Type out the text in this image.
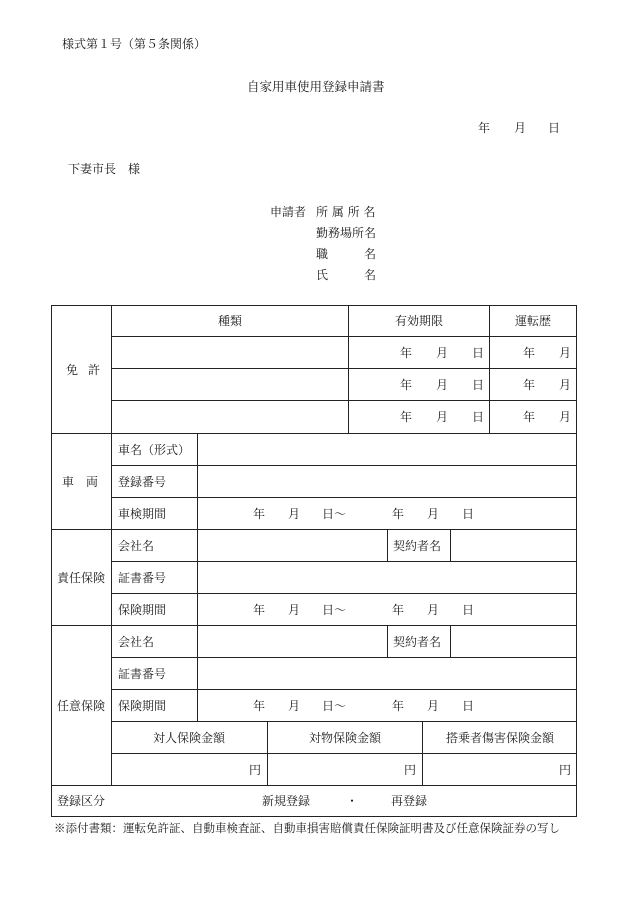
様式第１号（第５条関係）
自家用車使用登録申請書
年 月 日
下妻市長　様
申請者 所 属 所 名
勤務場所名
職	名
氏	名
免 許
種類	有効期限	運転歴
年 月 日	年 月
年 月 日	年 月
年 月 日	年 月
車 両
車名（形式）
登録番号
車検期間	年 月 日～	年 月 日
責任保険
会社名	契約者名
証書番号
保険期間	年 月 日～	年 月 日
任意保険
会社名	契約者名
証書番号
保険期間	年 月 日～	年 月 日
対人保険金額	対物保険金額	搭乗者傷害保険金額
円	円	円
登録区分	新規登録	・	再登録
※添付書類：運転免許証、自動車検査証、自動車損害賠償責任保険証明書及び任意保険証券の写し
